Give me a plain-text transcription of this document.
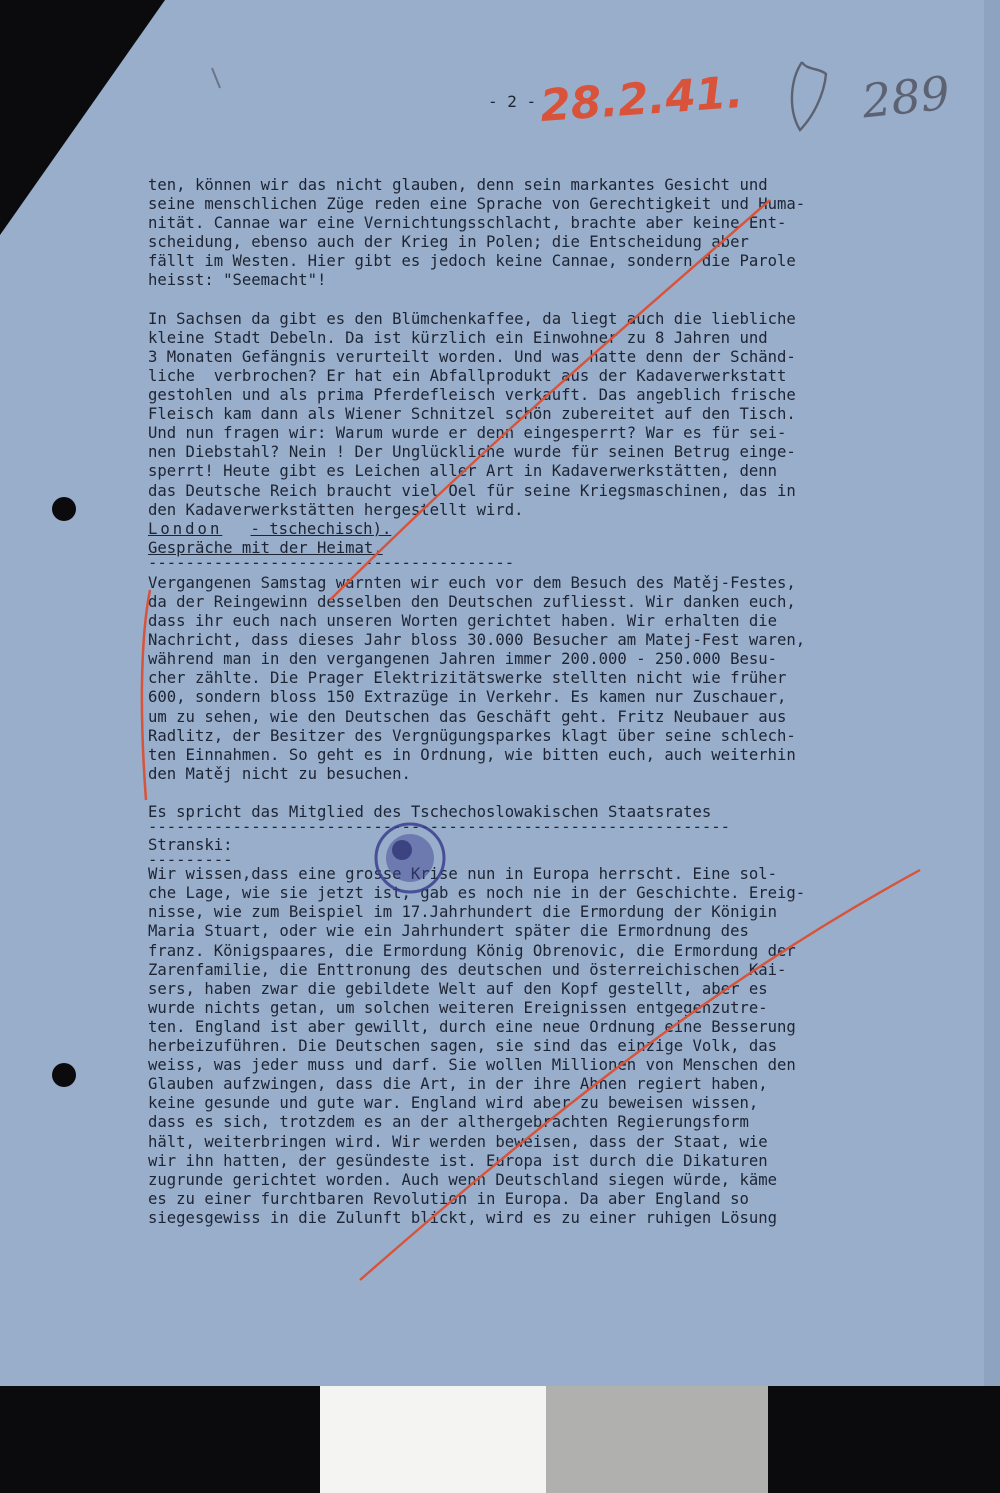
- 2 - 28.2.41. 289
ten, können wir das nicht glauben, denn sein markantes Gesicht und
seine menschlichen Züge reden eine Sprache von Gerechtigkeit und Huma-
nität. Cannae war eine Vernichtungsschlacht, brachte aber keine Ent-
scheidung, ebenso auch der Krieg in Polen; die Entscheidung aber
fällt im Westen. Hier gibt es jedoch keine Cannae, sondern die Parole
heisst: "Seemacht"!
In Sachsen da gibt es den Blümchenkaffee, da liegt auch die liebliche
kleine Stadt Debeln. Da ist kürzlich ein Einwohner zu 8 Jahren und
3 Monaten Gefängnis verurteilt worden. Und was hatte denn der Schänd-
liche  verbrochen? Er hat ein Abfallprodukt aus der Kadaverwerkstatt
gestohlen und als prima Pferdefleisch verkauft. Das angeblich frische
Fleisch kam dann als Wiener Schnitzel schön zubereitet auf den Tisch.
Und nun fragen wir: Warum wurde er denn eingesperrt? War es für sei-
nen Diebstahl? Nein ! Der Unglückliche wurde für seinen Betrug einge-
sperrt! Heute gibt es Leichen aller Art in Kadaverwerkstätten, denn
das Deutsche Reich braucht viel Oel für seine Kriegsmaschinen, das in
den Kadaverwerkstätten hergestellt wird.
London - tschechisch).
Gespräche mit der Heimat.
---------------------------------------
Vergangenen Samstag warnten wir euch vor dem Besuch des Matěj-Festes,
da der Reingewinn desselben den Deutschen zufliesst. Wir danken euch,
dass ihr euch nach unseren Worten gerichtet haben. Wir erhalten die
Nachricht, dass dieses Jahr bloss 30.000 Besucher am Matej-Fest waren,
während man in den vergangenen Jahren immer 200.000 - 250.000 Besu-
cher zählte. Die Prager Elektrizitätswerke stellten nicht wie früher
600, sondern bloss 150 Extrazüge in Verkehr. Es kamen nur Zuschauer,
um zu sehen, wie den Deutschen das Geschäft geht. Fritz Neubauer aus
Radlitz, der Besitzer des Vergnügungsparkes klagt über seine schlech-
ten Einnahmen. So geht es in Ordnung, wie bitten euch, auch weiterhin
den Matěj nicht zu besuchen.
Es spricht das Mitglied des Tschechoslowakischen Staatsrates
--------------------------------------------------------------
Stranski:
---------
Wir wissen,dass eine grosse Krise nun in Europa herrscht. Eine sol-
che Lage, wie sie jetzt ist, gab es noch nie in der Geschichte. Ereig-
nisse, wie zum Beispiel im 17.Jahrhundert die Ermordung der Königin
Maria Stuart, oder wie ein Jahrhundert später die Ermordnung des
franz. Königspaares, die Ermordung König Obrenovic, die Ermordung der
Zarenfamilie, die Enttronung des deutschen und österreichischen Kai-
sers, haben zwar die gebildete Welt auf den Kopf gestellt, aber es
wurde nichts getan, um solchen weiteren Ereignissen entgegenzutre-
ten. England ist aber gewillt, durch eine neue Ordnung eine Besserung
herbeizuführen. Die Deutschen sagen, sie sind das einzige Volk, das
weiss, was jeder muss und darf. Sie wollen Millionen von Menschen den
Glauben aufzwingen, dass die Art, in der ihre Ahnen regiert haben,
keine gesunde und gute war. England wird aber zu beweisen wissen,
dass es sich, trotzdem es an der althergebrachten Regierungsform
hält, weiterbringen wird. Wir werden beweisen, dass der Staat, wie
wir ihn hatten, der gesündeste ist. Europa ist durch die Dikaturen
zugrunde gerichtet worden. Auch wenn Deutschland siegen würde, käme
es zu einer furchtbaren Revolution in Europa. Da aber England so
siegesgewiss in die Zulunft blickt, wird es zu einer ruhigen Lösung
